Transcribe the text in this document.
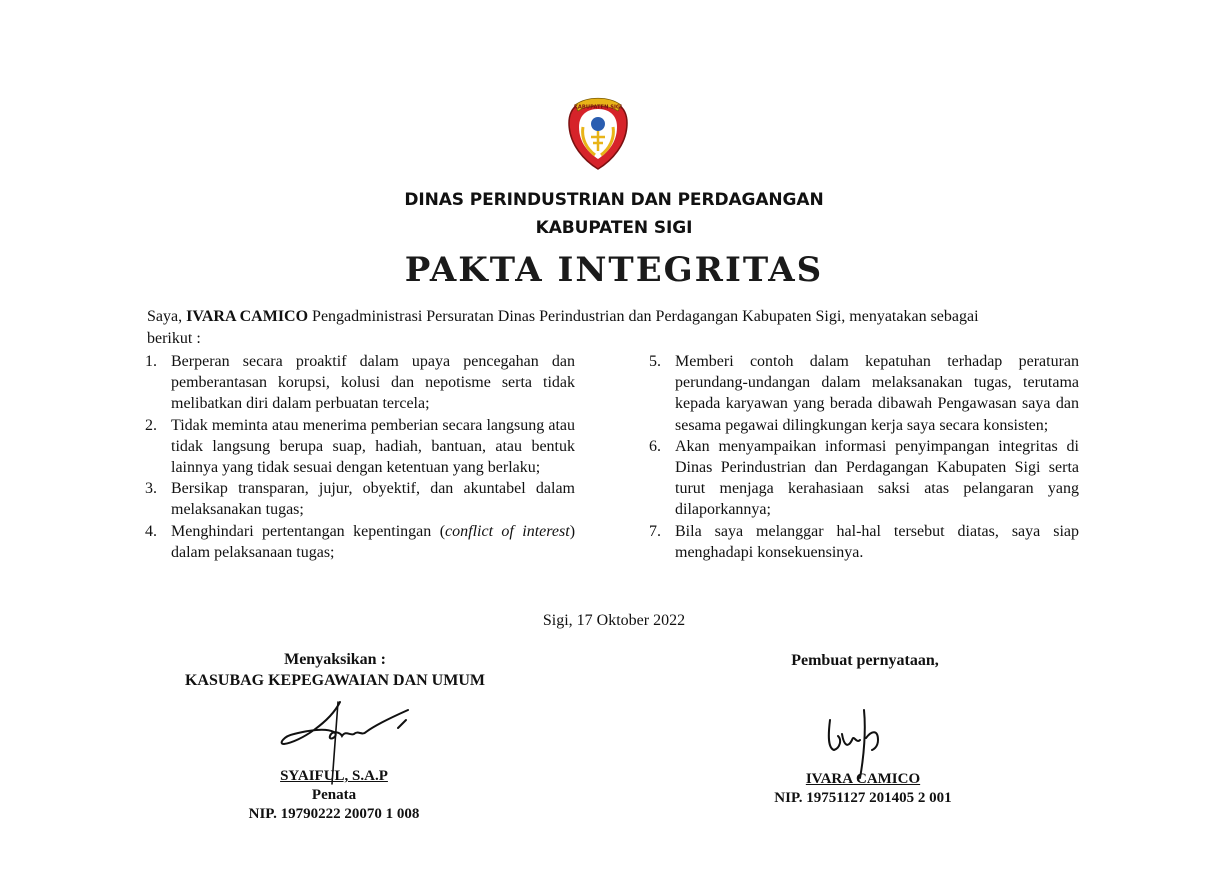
KABUPATEN SIGI
DINAS PERINDUSTRIAN DAN PERDAGANGAN
KABUPATEN SIGI
PAKTA INTEGRITAS
Saya, IVARA CAMICO Pengadministrasi Persuratan Dinas Perindustrian dan Perdagangan Kabupaten Sigi, menyatakan sebagai berikut :
1. Berperan secara proaktif dalam upaya pencegahan dan pemberantasan korupsi, kolusi dan nepotisme serta tidak melibatkan diri dalam perbuatan tercela;
2. Tidak meminta atau menerima pemberian secara langsung atau tidak langsung berupa suap, hadiah, bantuan, atau bentuk lainnya yang tidak sesuai dengan ketentuan yang berlaku;
3. Bersikap transparan, jujur, obyektif, dan akuntabel dalam melaksanakan tugas;
4. Menghindari pertentangan kepentingan (conflict of interest) dalam pelaksanaan tugas;
5. Memberi contoh dalam kepatuhan terhadap peraturan perundang-undangan dalam melaksanakan tugas, terutama kepada karyawan yang berada dibawah Pengawasan saya dan sesama pegawai dilingkungan kerja saya secara konsisten;
6. Akan menyampaikan informasi penyimpangan integritas di Dinas Perindustrian dan Perdagangan Kabupaten Sigi serta turut menjaga kerahasiaan saksi atas pelangaran yang dilaporkannya;
7. Bila saya melanggar hal-hal tersebut diatas, saya siap menghadapi konsekuensinya.
Sigi, 17 Oktober 2022
Menyaksikan :
KASUBAG KEPEGAWAIAN DAN UMUM
Pembuat pernyataan,
SYAIFUL, S.A.P
Penata
NIP. 19790222 20070 1 008
IVARA CAMICO
NIP. 19751127 201405 2 001
